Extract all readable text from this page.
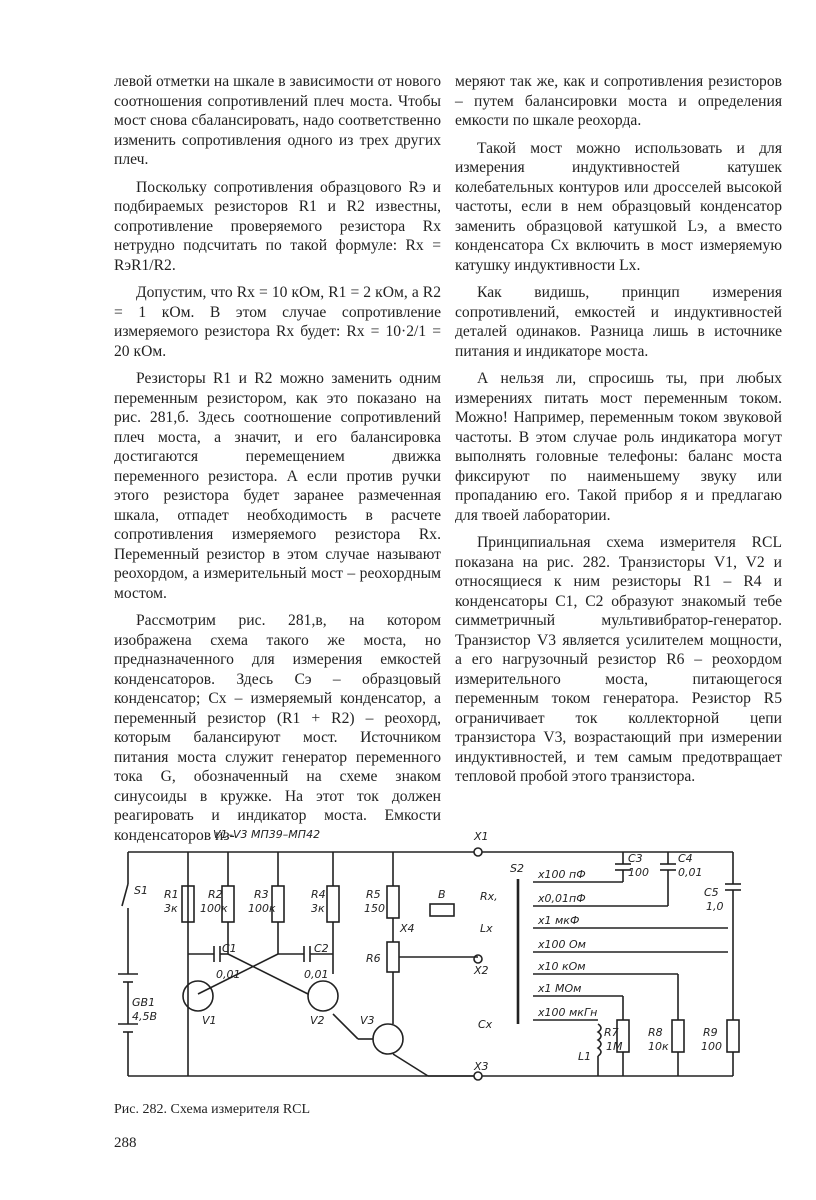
левой отметки на шкале в зависимости от нового соотношения сопротивлений плеч моста. Чтобы мост снова сбалансировать, надо соответственно изменить сопротивления одного из трех других плеч.

Поскольку сопротивления образцового Rэ и подбираемых резисторов R1 и R2 известны, сопротивление проверяемого резистора Rx нетрудно подсчитать по такой формуле: Rx = RэR1/R2.

Допустим, что Rx = 10 кОм, R1 = 2 кОм, а R2 = 1 кОм. В этом случае сопротивление измеряемого резистора Rx будет: Rx = 10·2/1 = 20 кОм.

Резисторы R1 и R2 можно заменить одним переменным резистором, как это показано на рис. 281,б. Здесь соотношение сопротивлений плеч моста, а значит, и его балансировка достигаются перемещением движка переменного резистора. А если против ручки этого резистора будет заранее размеченная шкала, отпадет необходимость в расчете сопротивления измеряемого резистора Rx. Переменный резистор в этом случае называют реохордом, а измерительный мост – реохордным мостом.

Рассмотрим рис. 281,в, на котором изображена схема такого же моста, но предназначенного для измерения емкостей конденсаторов. Здесь Cэ – образцовый конденсатор; Cx – измеряемый конденсатор, а переменный резистор (R1 + R2) – реохорд, которым балансируют мост. Источником питания моста служит генератор переменного тока G, обозначенный на схеме знаком синусоиды в кружке. На этот ток должен реагировать и индикатор моста. Емкости конденсаторов из-

меряют так же, как и сопротивления резисторов – путем балансировки моста и определения емкости по шкале реохорда.

Такой мост можно использовать и для измерения индуктивностей катушек колебательных контуров или дросселей высокой частоты, если в нем образцовый конденсатор заменить образцовой катушкой Lэ, а вместо конденсатора Cx включить в мост измеряемую катушку индуктивности Lx.

Как видишь, принцип измерения сопротивлений, емкостей и индуктивностей деталей одинаков. Разница лишь в источнике питания и индикаторе моста.

А нельзя ли, спросишь ты, при любых измерениях питать мост переменным током. Можно! Например, переменным током звуковой частоты. В этом случае роль индикатора могут выполнять головные телефоны: баланс моста фиксируют по наименьшему звуку или пропаданию его. Такой прибор я и предлагаю для твоей лаборатории.

Принципиальная схема измерителя RCL показана на рис. 282. Транзисторы V1, V2 и относящиеся к ним резисторы R1 – R4 и конденсаторы C1, C2 образуют знакомый тебе симметричный мультивибратор-генератор. Транзистор V3 является усилителем мощности, а его нагрузочный резистор R6 – реохордом измерительного моста, питающегося переменным током генератора. Резистор R5 ограничивает ток коллекторной цепи транзистора V3, возрастающий при измерении индуктивностей, и тем самым предотвращает тепловой пробой этого транзистора.

V1–V3 МП39–МП42
S1
GB1
4,5В
R1
3к
R2
100к
R3
100к
R4
3к
R5
150
R6
C1
0,01
C2
0,01
V1	V2	V3
В
X4
X1
X2
X3
Rx,
Lx
Cx
S2 x100 пФ
x0,01пФ
x1 мкФ
x100 Ом
x10 кОм
x1 МОм
x100 мкГн
C3
100
C4
0,01
C5
1,0
R7
1М
R8
10к
R9
100
L1
Рис. 282. Схема измерителя RCL
288
